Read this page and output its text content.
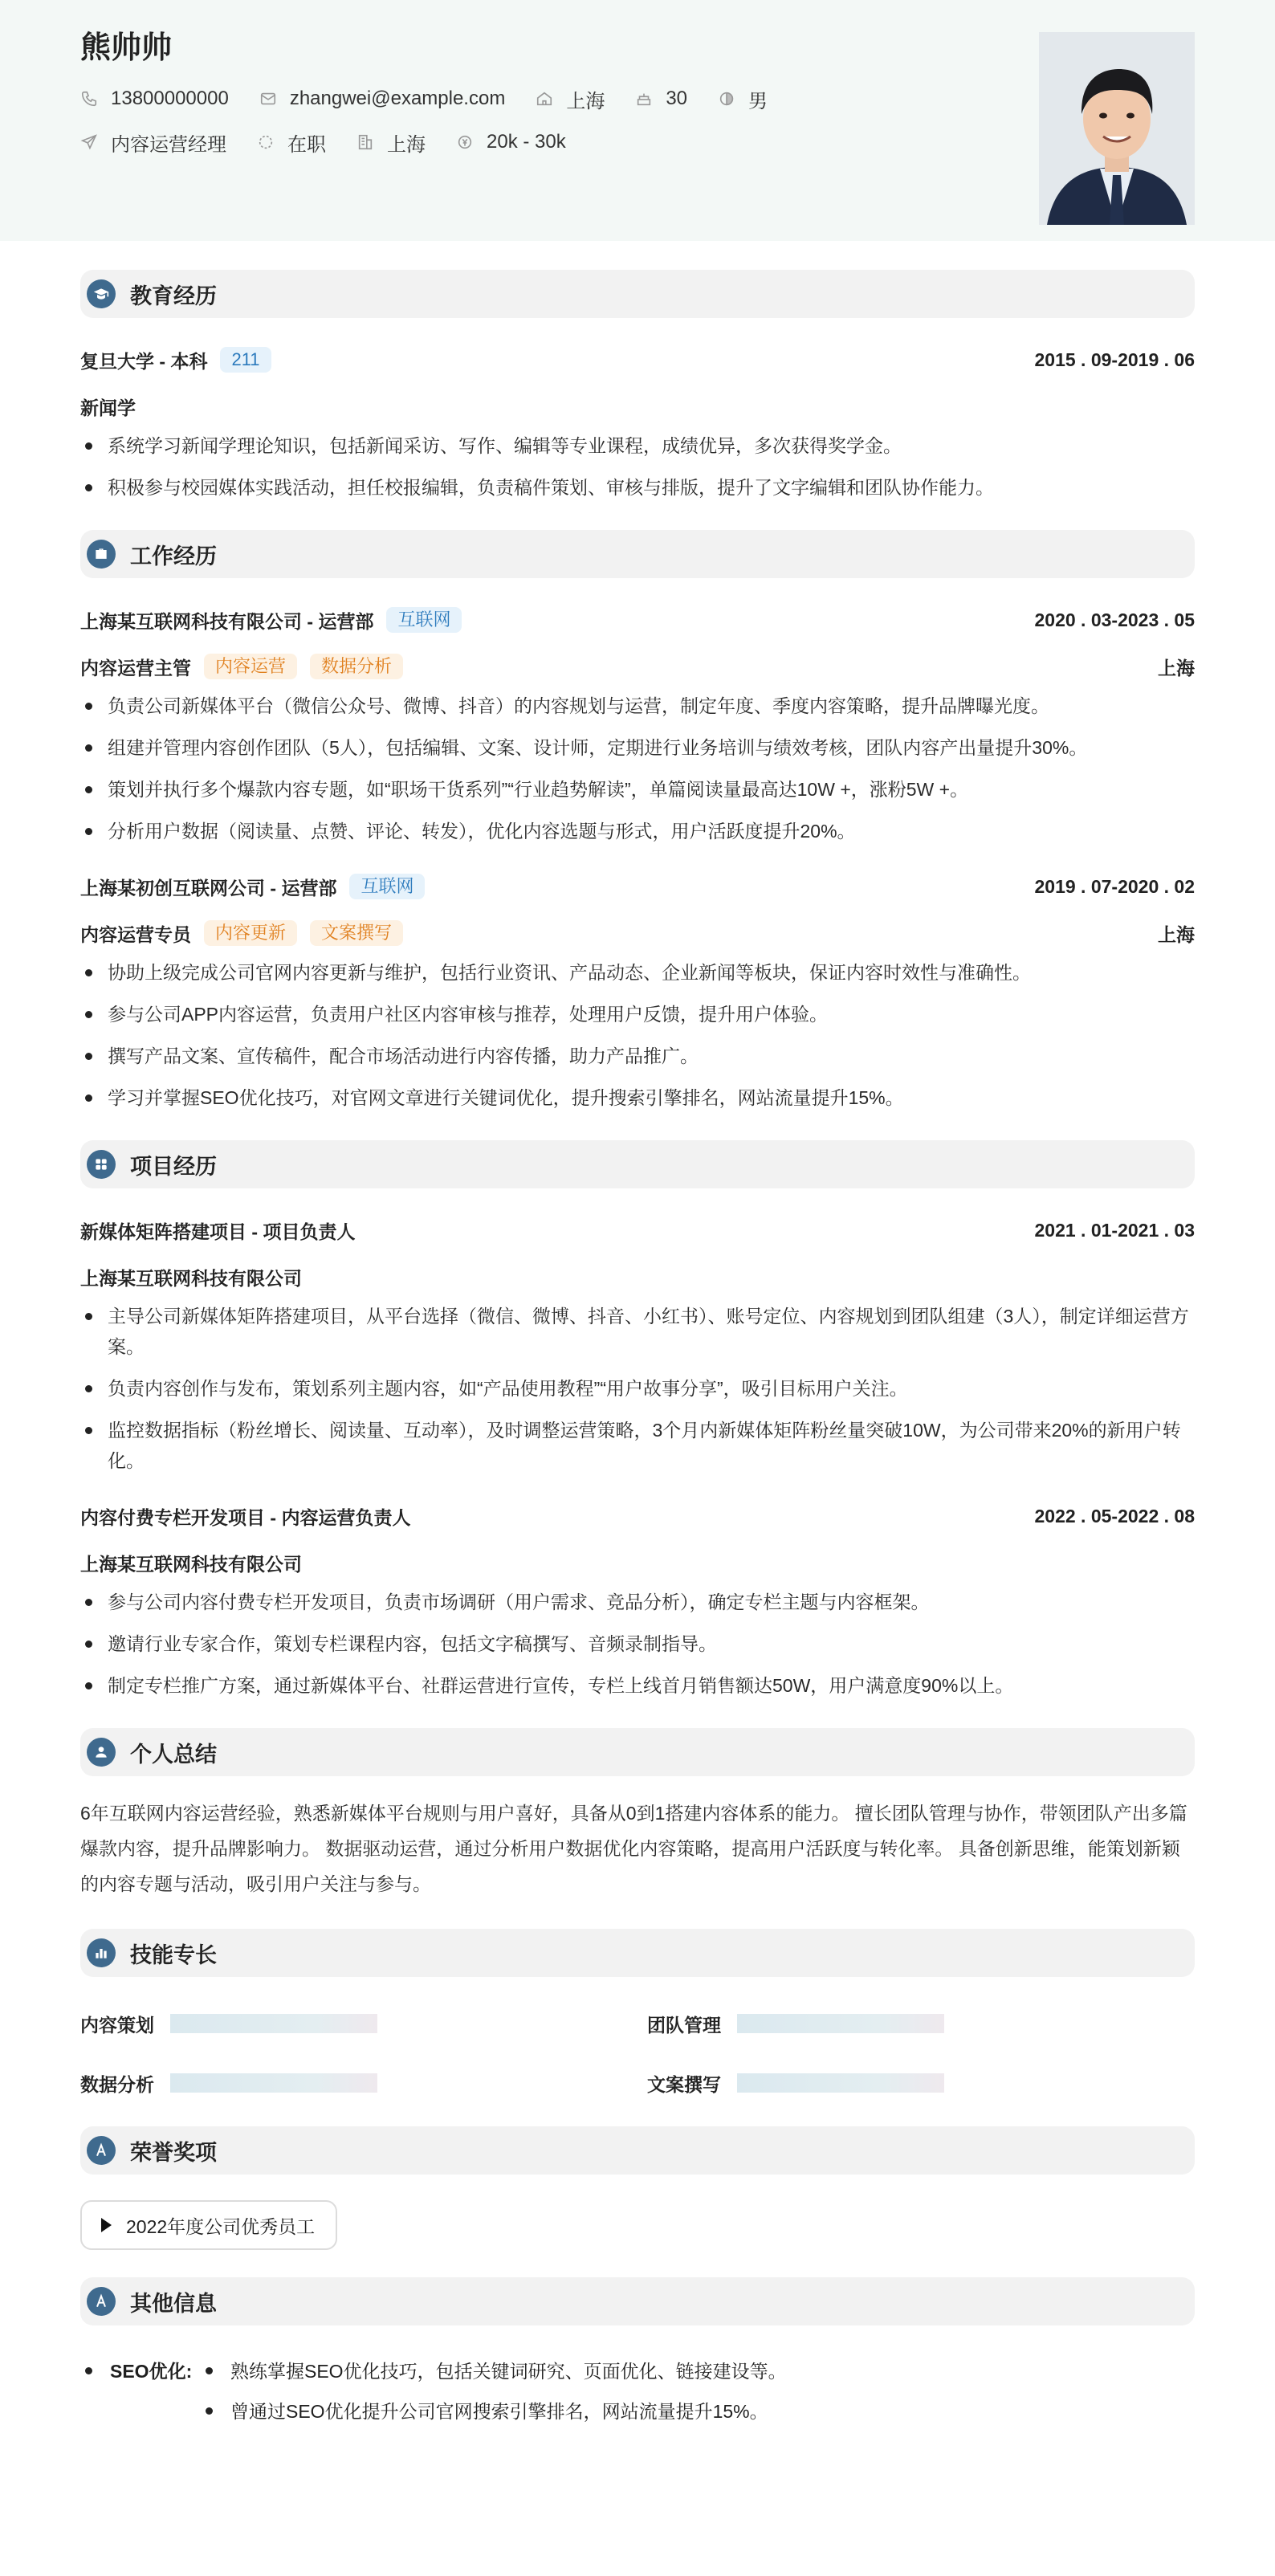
熊帅帅
13800000000	zhangwei@example.com	上海	30	男
内容运营经理	在职	上海	20k - 30k
教育经历
复旦大学 - 本科	211	2015 . 09-2019 . 06
新闻学
系统学习新闻学理论知识，包括新闻采访、写作、编辑等专业课程，成绩优异，多次获得奖学金。
积极参与校园媒体实践活动，担任校报编辑，负责稿件策划、审核与排版，提升了文字编辑和团队协作能力。
工作经历
上海某互联网科技有限公司 - 运营部	互联网	2020 . 03-2023 . 05
内容运营主管	内容运营	数据分析	上海
负责公司新媒体平台（微信公众号、微博、抖音）的内容规划与运营，制定年度、季度内容策略，提升品牌曝光度。
组建并管理内容创作团队（5人），包括编辑、文案、设计师，定期进行业务培训与绩效考核，团队内容产出量提升30%。
策划并执行多个爆款内容专题，如“职场干货系列”“行业趋势解读”，单篇阅读量最高达10W +，涨粉5W +。
分析用户数据（阅读量、点赞、评论、转发），优化内容选题与形式，用户活跃度提升20%。
上海某初创互联网公司 - 运营部	互联网	2019 . 07-2020 . 02
内容运营专员	内容更新	文案撰写	上海
协助上级完成公司官网内容更新与维护，包括行业资讯、产品动态、企业新闻等板块，保证内容时效性与准确性。
参与公司APP内容运营，负责用户社区内容审核与推荐，处理用户反馈，提升用户体验。
撰写产品文案、宣传稿件，配合市场活动进行内容传播，助力产品推广。
学习并掌握SEO优化技巧，对官网文章进行关键词优化，提升搜索引擎排名，网站流量提升15%。
项目经历
新媒体矩阵搭建项目 - 项目负责人	2021 . 01-2021 . 03
上海某互联网科技有限公司
主导公司新媒体矩阵搭建项目，从平台选择（微信、微博、抖音、小红书）、账号定位、内容规划到团队组建（3人），制定详细运营方案。
负责内容创作与发布，策划系列主题内容，如“产品使用教程”“用户故事分享”，吸引目标用户关注。
监控数据指标（粉丝增长、阅读量、互动率），及时调整运营策略，3个月内新媒体矩阵粉丝量突破10W，为公司带来20%的新用户转化。
内容付费专栏开发项目 - 内容运营负责人	2022 . 05-2022 . 08
上海某互联网科技有限公司
参与公司内容付费专栏开发项目，负责市场调研（用户需求、竞品分析），确定专栏主题与内容框架。
邀请行业专家合作，策划专栏课程内容，包括文字稿撰写、音频录制指导。
制定专栏推广方案，通过新媒体平台、社群运营进行宣传，专栏上线首月销售额达50W，用户满意度90%以上。
个人总结
6年互联网内容运营经验，熟悉新媒体平台规则与用户喜好，具备从0到1搭建内容体系的能力。 擅长团队管理与协作，带领团队产出多篇爆款内容，提升品牌影响力。 数据驱动运营，通过分析用户数据优化内容策略，提高用户活跃度与转化率。 具备创新思维，能策划新颖的内容专题与活动，吸引用户关注与参与。
技能专长
内容策划	团队管理
数据分析	文案撰写
荣誉奖项
2022年度公司优秀员工
其他信息
SEO优化: 熟练掌握SEO优化技巧，包括关键词研究、页面优化、链接建设等。
曾通过SEO优化提升公司官网搜索引擎排名，网站流量提升15%。
